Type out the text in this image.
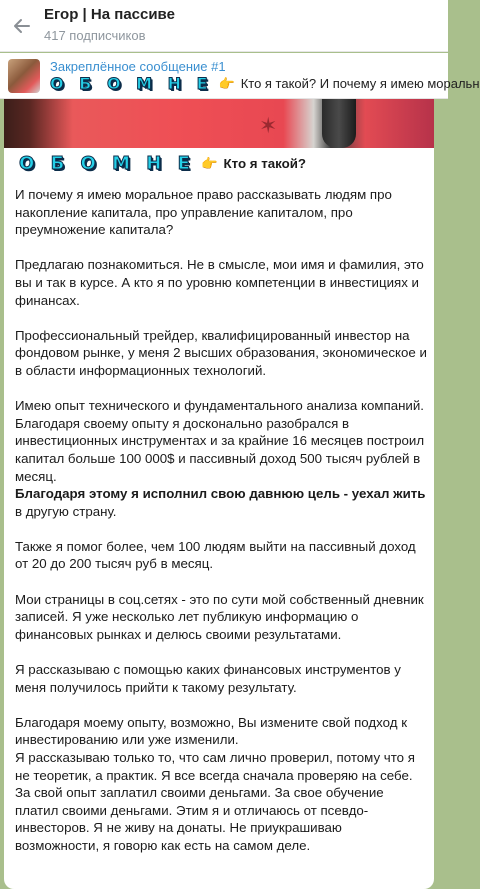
Егор | На пассиве
417 подписчиков
Закреплённое сообщение #1
О Б О М Н Е 👉 Кто я такой? И почему я имею моральн
✶
О Б О М Н Е 👉 Кто я такой?
И почему я имею моральное право рассказывать людям про накопление капитала, про управление капиталом, про преумножение капитала?
Предлагаю познакомиться. Не в смысле, мои имя и фамилия, это вы и так в курсе. А кто я по уровню компетенции в инвестициях и финансах.
Профессиональный трейдер, квалифицированный инвестор на фондовом рынке, у меня 2 высших образования, экономическое и в области информационных технологий.
Имею опыт технического и фундаментального анализа компаний. Благодаря своему опыту я досконально разобрался в инвестиционных инструментах и за крайние 16 месяцев построил капитал больше 100 000$ и пассивный доход 500 тысяч рублей в месяц.
Благодаря этому я исполнил свою давнюю цель - уехал жить
в другую страну.
Также я помог более, чем 100 людям выйти на пассивный доход от 20 до 200 тысяч руб в месяц.
Мои страницы в соц.сетях - это по сути мой собственный дневник записей. Я уже несколько лет публикую информацию о финансовых рынках и делюсь своими результатами.
Я рассказываю с помощью каких финансовых инструментов у меня получилось прийти к такому результату.
Благодаря моему опыту, возможно, Вы измените свой подход к инвестированию или уже изменили.
Я рассказываю только то, что сам лично проверил, потому что я не теоретик, а практик. Я все всегда сначала проверяю на себе. За свой опыт заплатил своими деньгами. За свое обучение платил своими деньгами. Этим я и отличаюсь от псевдо-инвесторов. Я не живу на донаты. Не приукрашиваю возможности, я говорю как есть на самом деле.
